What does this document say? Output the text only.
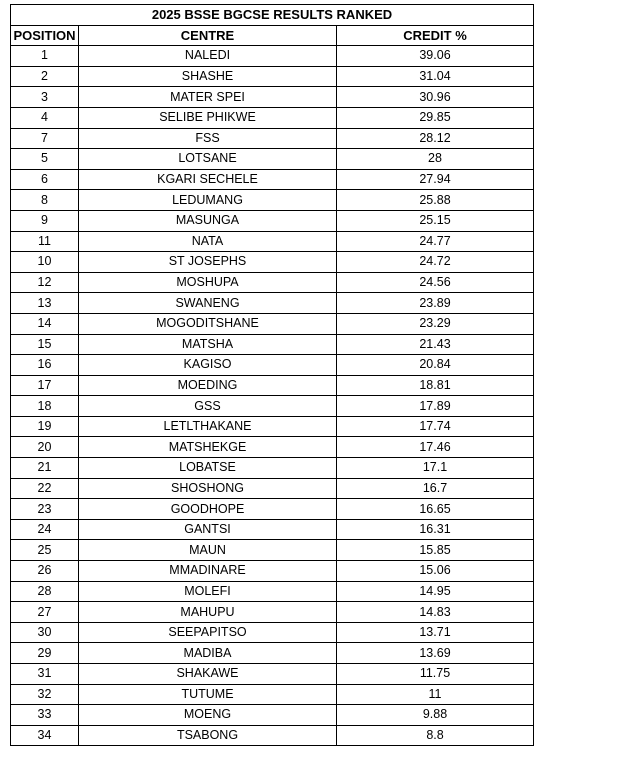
2025 BSSE BGCSE RESULTS RANKED		
POSITION	CENTRE	CREDIT %
1	NALEDI	39.06
2	SHASHE	31.04
3	MATER SPEI	30.96
4	SELIBE PHIKWE	29.85
7	FSS	28.12
5	LOTSANE	28
6	KGARI SECHELE	27.94
8	LEDUMANG	25.88
9	MASUNGA	25.15
11	NATA	24.77
10	ST JOSEPHS	24.72
12	MOSHUPA	24.56
13	SWANENG	23.89
14	MOGODITSHANE	23.29
15	MATSHA	21.43
16	KAGISO	20.84
17	MOEDING	18.81
18	GSS	17.89
19	LETLTHAKANE	17.74
20	MATSHEKGE	17.46
21	LOBATSE	17.1
22	SHOSHONG	16.7
23	GOODHOPE	16.65
24	GANTSI	16.31
25	MAUN	15.85
26	MMADINARE	15.06
28	MOLEFI	14.95
27	MAHUPU	14.83
30	SEEPAPITSO	13.71
29	MADIBA	13.69
31	SHAKAWE	11.75
32	TUTUME	11
33	MOENG	9.88
34	TSABONG	8.8
